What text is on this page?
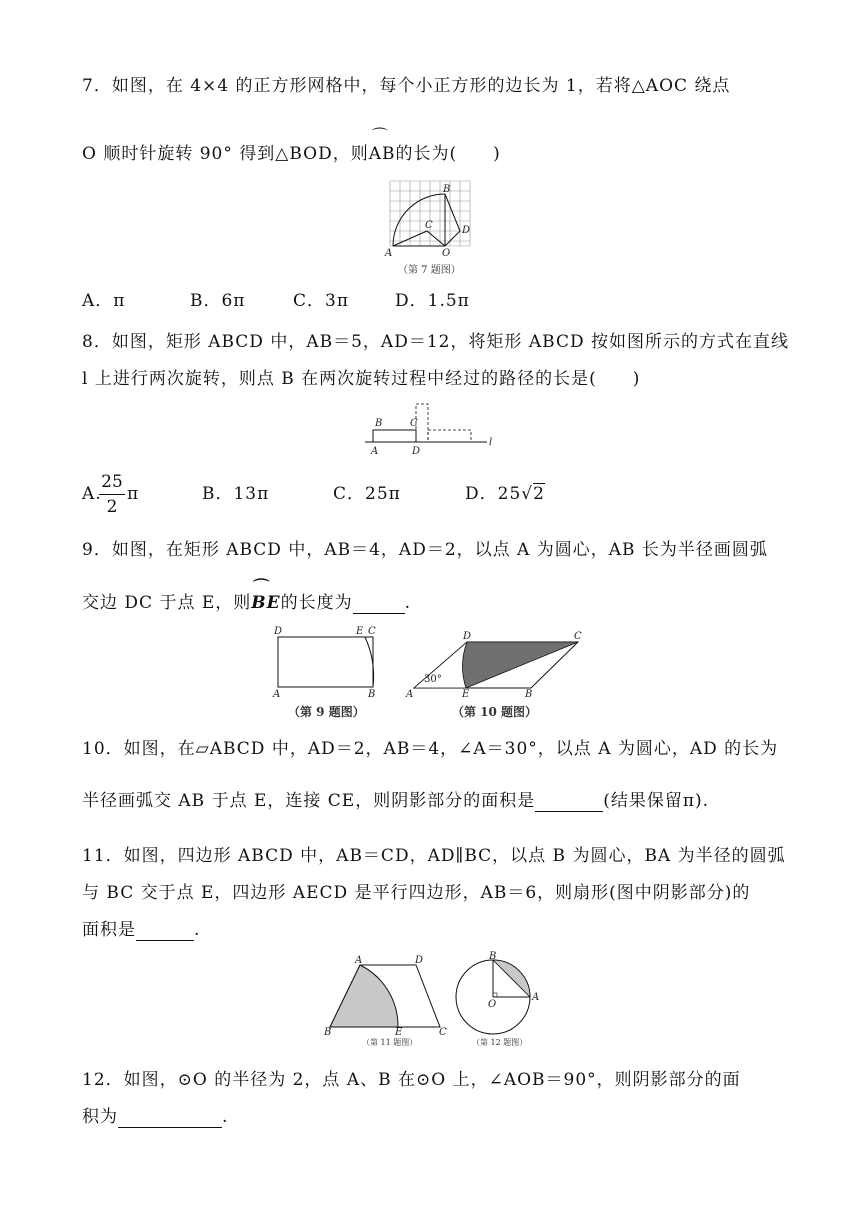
7．如图，在 4×4 的正方形网格中，每个小正方形的边长为 1，若将△AOC 绕点
O 顺时针旋转 90° 得到△BOD，则
⌒
AB的长为(　　)
A
B
C	D
O
（第 7 题图）
A．π	B．6π	C．3π	D．1.5π
8．如图，矩形 ABCD 中，AB＝5，AD＝12，将矩形 ABCD 按如图所示的方式在直线
l 上进行两次旋转，则点 B 在两次旋转过程中经过的路径的长是(　　)
B	C
A	D
l
A.
$\frac{25}{2}$ π	B．13π	C．25π	D．25√2
9．如图，在矩形 ABCD 中，AB＝4，AD＝2，以点 A 为圆心，AB 长为半径画圆弧
交边 DC 于点 E，则
⌒
BE的长度为	.
D	E C
A	B
（第 9 题图）
D	C
A	E	B
30°
（第 10 题图）
10．如图，在▱ABCD 中，AD＝2，AB＝4，∠A＝30°，以点 A 为圆心，AD 的长为
半径画弧交 AB 于点 E，连接 CE，则阴影部分的面积是	(结果保留π).
11．如图，四边形 ABCD 中，AB＝CD，AD∥BC，以点 B 为圆心，BA 为半径的圆弧
与 BC 交于点 E，四边形 AECD 是平行四边形，AB＝6，则扇形(图中阴影部分)的
面积是	.
A	D
B	E	C
（第 11 题图）
B
A
O
（第 12 题图）
12．如图，⊙O 的半径为 2，点 A、B 在⊙O 上，∠AOB＝90°，则阴影部分的面
积为	.
